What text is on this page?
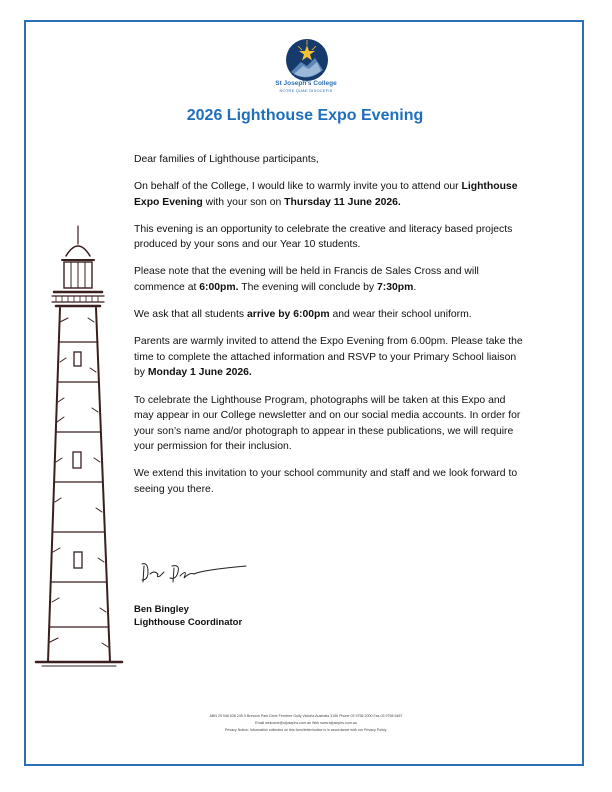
St Joseph's College
NOTRE QUAE DIXOCEFIS
2026 Lighthouse Expo Evening

Dear families of Lighthouse participants,

On behalf of the College, I would like to warmly invite you to attend our Lighthouse Expo Evening with your son on Thursday 11 June 2026.

This evening is an opportunity to celebrate the creative and literacy based projects produced by your sons and our Year 10 students.

Please note that the evening will be held in Francis de Sales Cross and will commence at 6:00pm. The evening will conclude by 7:30pm.

We ask that all students arrive by 6:00pm and wear their school uniform.

Parents are warmly invited to attend the Expo Evening from 6.00pm. Please take the time to complete the attached information and RSVP to your Primary School liaison by Monday 1 June 2026.

To celebrate the Lighthouse Program, photographs will be taken at this Expo and may appear in our College newsletter and on our social media accounts. In order for your son’s name and/or photograph to appear in these publications, we will require your permission for their inclusion.

We extend this invitation to your school community and staff and we look forward to seeing you there.

Ben Bingley
Lighthouse Coordinator
ABN 29 548 638 245 5 Brevock Park Drive Ferntree Gully Victoria Australia 3156 Phone 03 9758 2000 Fax 03 9758 5467
Email welcome@stjosephs.com.au Web www.stjosephs.com.au
Privacy Notice: Information collected on this form/letter/notice is in accordance with our Privacy Policy.
